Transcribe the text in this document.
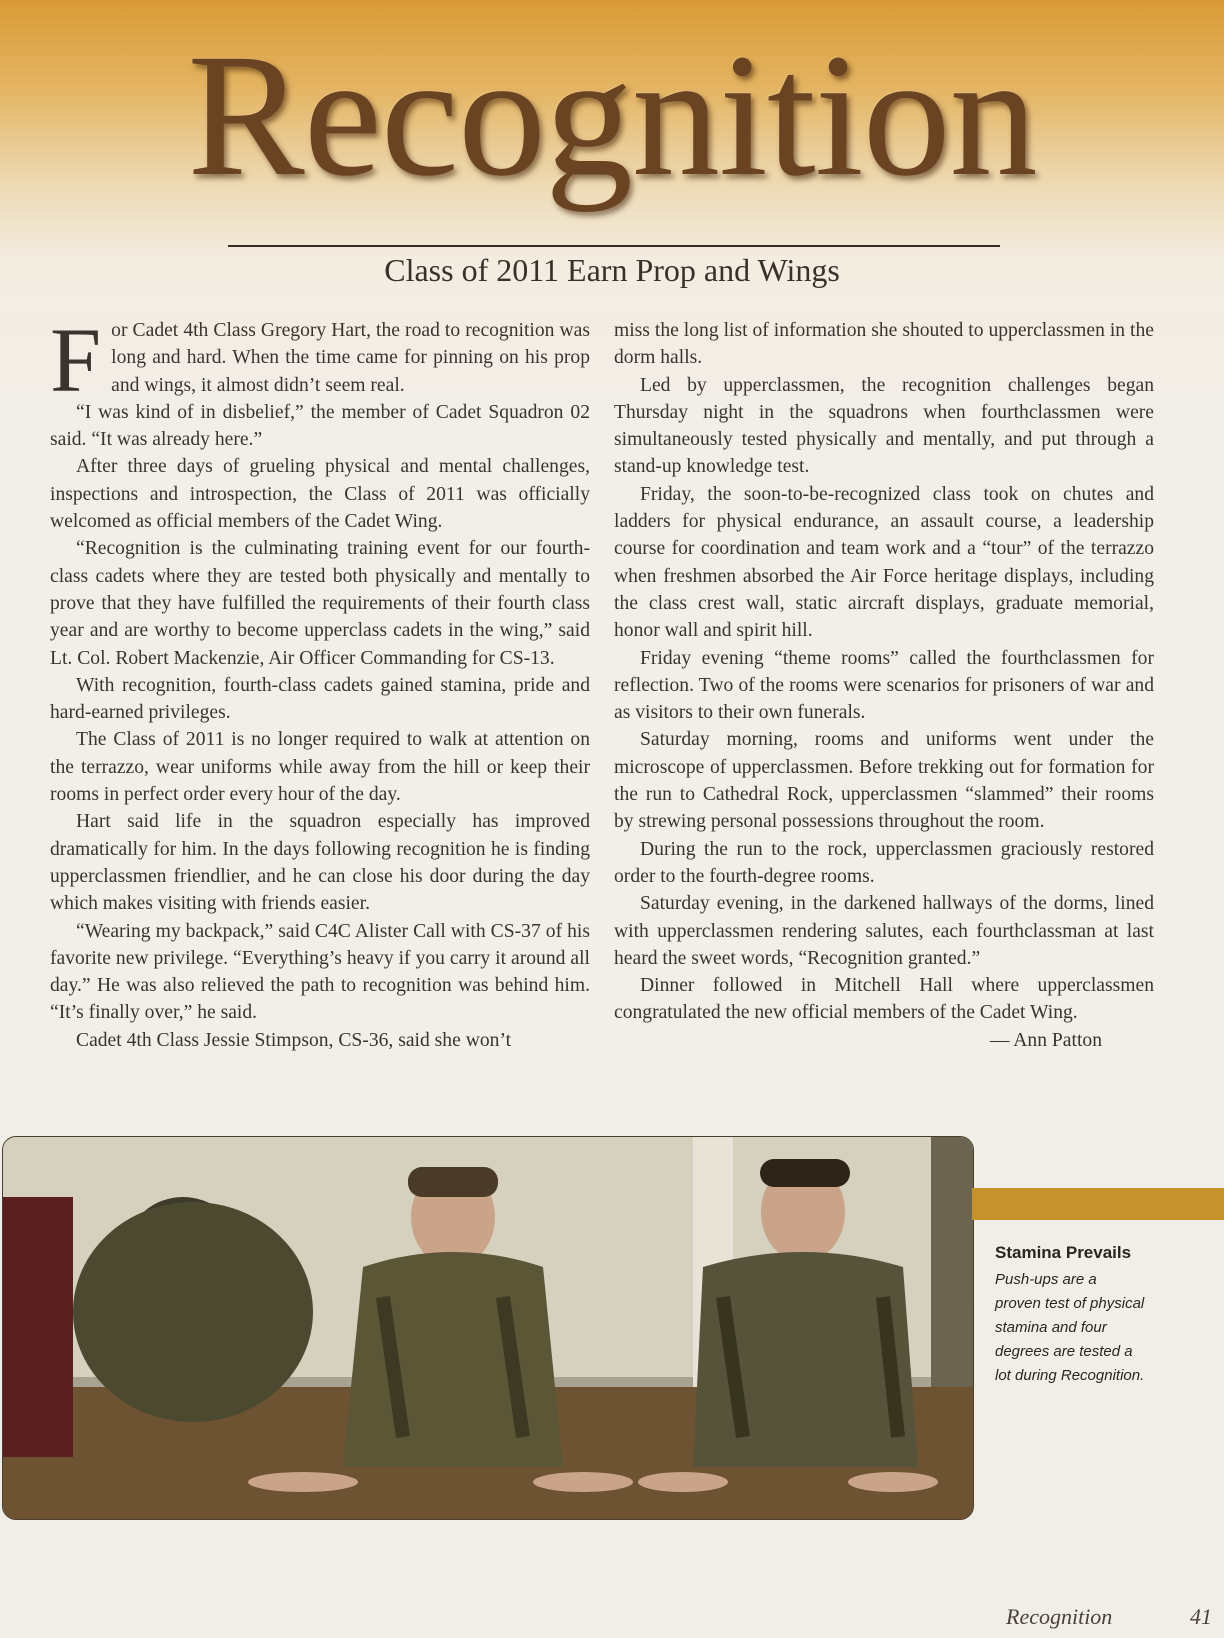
Recognition
Class of 2011 Earn Prop and Wings

For Cadet 4th Class Gregory Hart, the road to recognition was long and hard. When the time came for pinning on his prop and wings, it almost didn’t seem real.

“I was kind of in disbelief,” the member of Cadet Squadron 02 said. “It was already here.”

After three days of grueling physical and mental challenges, inspections and introspection, the Class of 2011 was officially welcomed as official members of the Cadet Wing.

“Recognition is the culminating training event for our fourth-class cadets where they are tested both physically and mentally to prove that they have fulfilled the requirements of their fourth class year and are worthy to become upperclass cadets in the wing,” said Lt. Col. Robert Mackenzie, Air Officer Commanding for CS-13.

With recognition, fourth-class cadets gained stamina, pride and hard-earned privileges.

The Class of 2011 is no longer required to walk at attention on the terrazzo, wear uniforms while away from the hill or keep their rooms in perfect order every hour of the day.

Hart said life in the squadron especially has improved dramatically for him. In the days following recognition he is finding upperclassmen friendlier, and he can close his door during the day which makes visiting with friends easier.

“Wearing my backpack,” said C4C Alister Call with CS-37 of his favorite new privilege. “Everything’s heavy if you carry it around all day.” He was also relieved the path to recognition was behind him. “It’s finally over,” he said.

Cadet 4th Class Jessie Stimpson, CS-36, said she won’t

miss the long list of information she shouted to upperclassmen in the dorm halls.

Led by upperclassmen, the recognition challenges began Thursday night in the squadrons when fourthclassmen were simultaneously tested physically and mentally, and put through a stand-up knowledge test.

Friday, the soon-to-be-recognized class took on chutes and ladders for physical endurance, an assault course, a leadership course for coordination and team work and a “tour” of the terrazzo when freshmen absorbed the Air Force heritage displays, including the class crest wall, static aircraft displays, graduate memorial, honor wall and spirit hill.

Friday evening “theme rooms” called the fourthclassmen for reflection. Two of the rooms were scenarios for prisoners of war and as visitors to their own funerals.

Saturday morning, rooms and uniforms went under the microscope of upperclassmen. Before trekking out for formation for the run to Cathedral Rock, upperclassmen “slammed” their rooms by strewing personal possessions throughout the room.

During the run to the rock, upperclassmen graciously restored order to the fourth-degree rooms.

Saturday evening, in the darkened hallways of the dorms, lined with upperclassmen rendering salutes, each fourthclassman at last heard the sweet words, “Recognition granted.”

Dinner followed in Mitchell Hall where upperclassmen congratulated the new official members of the Cadet Wing.

— Ann Patton

Stamina Prevails
Push-ups are a proven test of physical stamina and four degrees are tested a lot during Recognition.
Recognition	41
